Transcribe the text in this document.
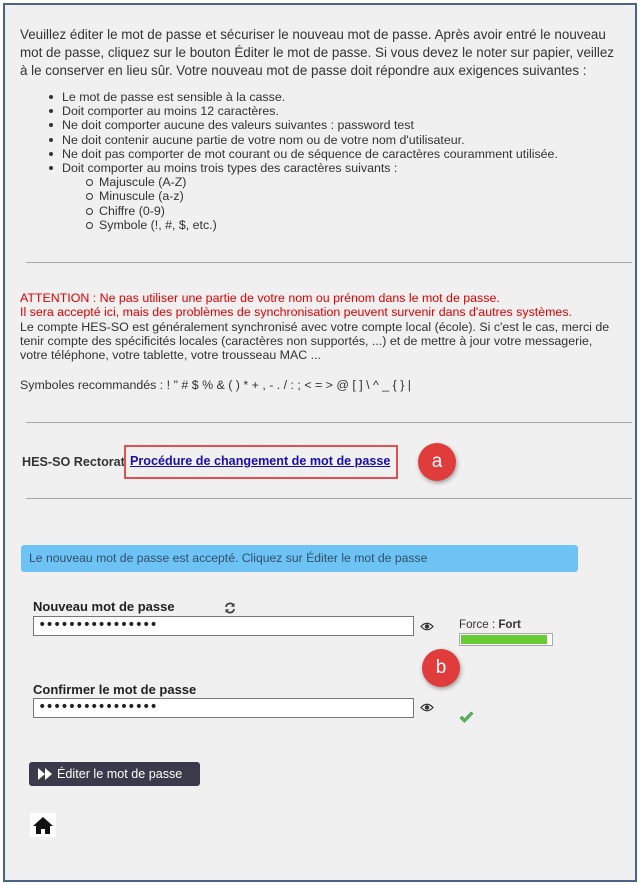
Veuillez éditer le mot de passe et sécuriser le nouveau mot de passe. Après avoir entré le nouveau mot de passe, cliquez sur le bouton Éditer le mot de passe. Si vous devez le noter sur papier, veillez à le conserver en lieu sûr. Votre nouveau mot de passe doit répondre aux exigences suivantes :

Le mot de passe est sensible à la casse.
Doit comporter au moins 12 caractères.
Ne doit comporter aucune des valeurs suivantes : password test
Ne doit contenir aucune partie de votre nom ou de votre nom d'utilisateur.
Ne doit pas comporter de mot courant ou de séquence de caractères couramment utilisée.
Doit comporter au moins trois types des caractères suivants :
Majuscule (A-Z)
Minuscule (a-z)
Chiffre (0-9)
Symbole (!, #, $, etc.)
ATTENTION : Ne pas utiliser une partie de votre nom ou prénom dans le mot de passe.
Il sera accepté ici, mais des problèmes de synchronisation peuvent survenir dans d'autres systèmes.
Le compte HES-SO est généralement synchronisé avec votre compte local (école). Si c'est le cas, merci de tenir compte des spécificités locales (caractères non supportés, ...) et de mettre à jour votre messagerie, votre téléphone, votre tablette, votre trousseau MAC ...
Symboles recommandés : ! " # $ % & ( ) * + , - . / : ; < = > @ [ ] \ ^ _ { } |
HES-SO Rectorat Procédure de changement de mot de passe	a
Le nouveau mot de passe est accepté. Cliquez sur Éditer le mot de passe
Nouveau mot de passe
••••••••••••••••	Force : Fort
b
Confirmer le mot de passe
••••••••••••••••
Éditer le mot de passe
